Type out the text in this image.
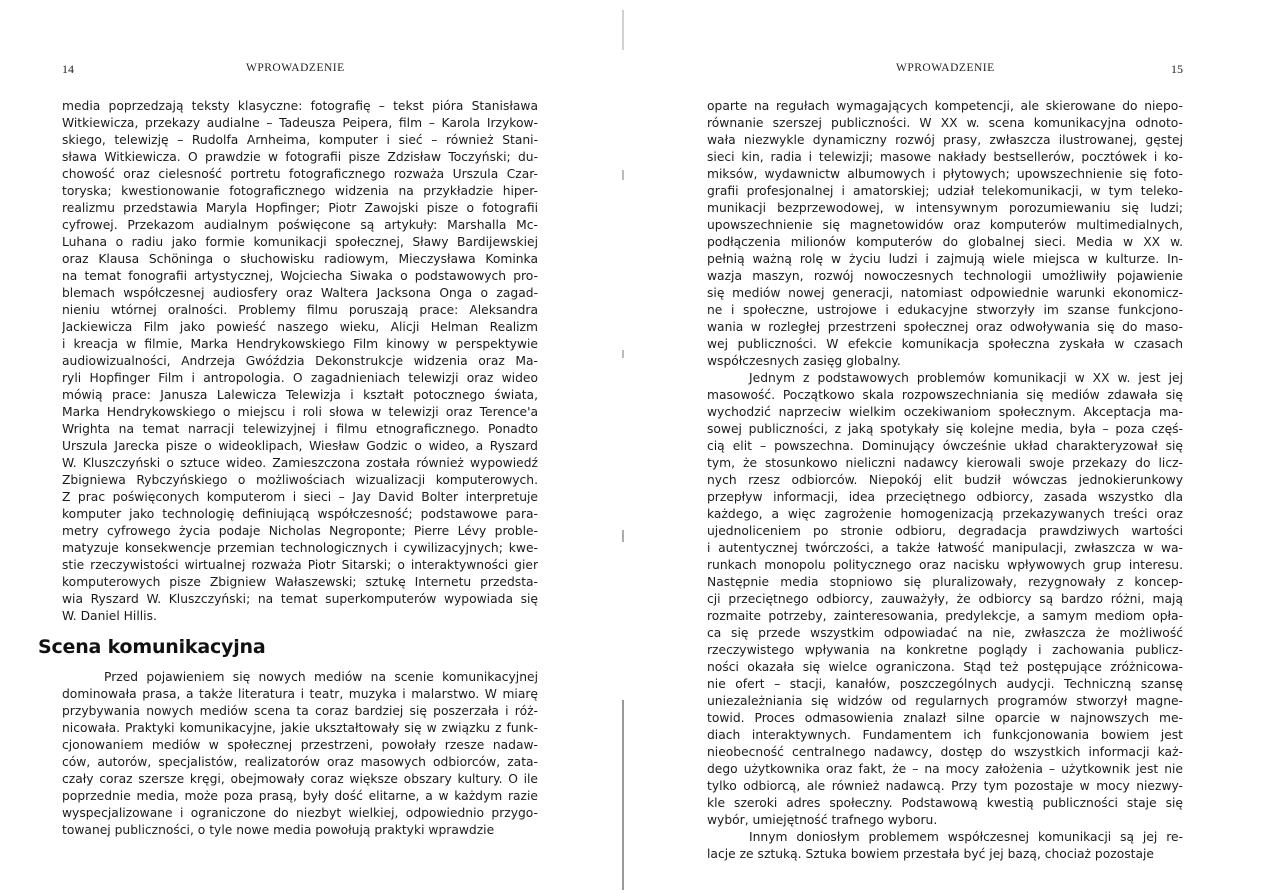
14	WPROWADZENIE
media poprzedzają teksty klasyczne: fotografię – tekst pióra Stanisława
Witkiewicza, przekazy audialne – Tadeusza Peipera, film – Karola Irzykow-
skiego, telewizję – Rudolfa Arnheima, komputer i sieć – również Stani-
sława Witkiewicza. O prawdzie w fotografii pisze Zdzisław Toczyński; du-
chowość oraz cielesność portretu fotograficznego rozważa Urszula Czar-
toryska; kwestionowanie fotograficznego widzenia na przykładzie hiper-
realizmu przedstawia Maryla Hopfinger; Piotr Zawojski pisze o fotografii
cyfrowej. Przekazom audialnym poświęcone są artykuły: Marshalla Mc-
Luhana o radiu jako formie komunikacji społecznej, Sławy Bardijewskiej
oraz Klausa Schöninga o słuchowisku radiowym, Mieczysława Kominka
na temat fonografii artystycznej, Wojciecha Siwaka o podstawowych pro-
blemach współczesnej audiosfery oraz Waltera Jacksona Onga o zagad-
nieniu wtórnej oralności. Problemy filmu poruszają prace: Aleksandra
Jackiewicza Film jako powieść naszego wieku, Alicji Helman Realizm
i kreacja w filmie, Marka Hendrykowskiego Film kinowy w perspektywie
audiowizualności, Andrzeja Gwóździa Dekonstrukcje widzenia oraz Ma-
ryli Hopfinger Film i antropologia. O zagadnieniach telewizji oraz wideo
mówią prace: Janusza Lalewicza Telewizja i kształt potocznego świata,
Marka Hendrykowskiego o miejscu i roli słowa w telewizji oraz Terence'a
Wrighta na temat narracji telewizyjnej i filmu etnograficznego. Ponadto
Urszula Jarecka pisze o wideoklipach, Wiesław Godzic o wideo, a Ryszard
W. Kluszczyński o sztuce wideo. Zamieszczona została również wypowiedź
Zbigniewa Rybczyńskiego o możliwościach wizualizacji komputerowych.
Z prac poświęconych komputerom i sieci – Jay David Bolter interpretuje
komputer jako technologię definiującą współczesność; podstawowe para-
metry cyfrowego życia podaje Nicholas Negroponte; Pierre Lévy proble-
matyzuje konsekwencje przemian technologicznych i cywilizacyjnych; kwe-
stie rzeczywistości wirtualnej rozważa Piotr Sitarski; o interaktywności gier
komputerowych pisze Zbigniew Wałaszewski; sztukę Internetu przedsta-
wia Ryszard W. Kluszczyński; na temat superkomputerów wypowiada się
W. Daniel Hillis.
Scena komunikacyjna
Przed pojawieniem się nowych mediów na scenie komunikacyjnej
dominowała prasa, a także literatura i teatr, muzyka i malarstwo. W miarę
przybywania nowych mediów scena ta coraz bardziej się poszerzała i róż-
nicowała. Praktyki komunikacyjne, jakie ukształtowały się w związku z funk-
cjonowaniem mediów w społecznej przestrzeni, powołały rzesze nadaw-
ców, autorów, specjalistów, realizatorów oraz masowych odbiorców, zata-
czały coraz szersze kręgi, obejmowały coraz większe obszary kultury. O ile
poprzednie media, może poza prasą, były dość elitarne, a w każdym razie
wyspecjalizowane i ograniczone do niezbyt wielkiej, odpowiednio przygo-
towanej publiczności, o tyle nowe media powołują praktyki wprawdzie
WPROWADZENIE	15
oparte na regułach wymagających kompetencji, ale skierowane do niepo-
równanie szerszej publiczności. W XX w. scena komunikacyjna odnoto-
wała niezwykle dynamiczny rozwój prasy, zwłaszcza ilustrowanej, gęstej
sieci kin, radia i telewizji; masowe nakłady bestsellerów, pocztówek i ko-
miksów, wydawnictw albumowych i płytowych; upowszechnienie się foto-
grafii profesjonalnej i amatorskiej; udział telekomunikacji, w tym teleko-
munikacji bezprzewodowej, w intensywnym porozumiewaniu się ludzi;
upowszechnienie się magnetowidów oraz komputerów multimedialnych,
podłączenia milionów komputerów do globalnej sieci. Media w XX w.
pełnią ważną rolę w życiu ludzi i zajmują wiele miejsca w kulturze. In-
wazja maszyn, rozwój nowoczesnych technologii umożliwiły pojawienie
się mediów nowej generacji, natomiast odpowiednie warunki ekonomicz-
ne i społeczne, ustrojowe i edukacyjne stworzyły im szanse funkcjono-
wania w rozległej przestrzeni społecznej oraz odwoływania się do maso-
wej publiczności. W efekcie komunikacja społeczna zyskała w czasach
współczesnych zasięg globalny.
Jednym z podstawowych problemów komunikacji w XX w. jest jej
masowość. Początkowo skala rozpowszechniania się mediów zdawała się
wychodzić naprzeciw wielkim oczekiwaniom społecznym. Akceptacja ma-
sowej publiczności, z jaką spotykały się kolejne media, była – poza częś-
cią elit – powszechna. Dominujący ówcześnie układ charakteryzował się
tym, że stosunkowo nieliczni nadawcy kierowali swoje przekazy do licz-
nych rzesz odbiorców. Niepokój elit budził wówczas jednokierunkowy
przepływ informacji, idea przeciętnego odbiorcy, zasada wszystko dla
każdego, a więc zagrożenie homogenizacją przekazywanych treści oraz
ujednoliceniem po stronie odbioru, degradacja prawdziwych wartości
i autentycznej twórczości, a także łatwość manipulacji, zwłaszcza w wa-
runkach monopolu politycznego oraz nacisku wpływowych grup interesu.
Następnie media stopniowo się pluralizowały, rezygnowały z koncep-
cji przeciętnego odbiorcy, zauważyły, że odbiorcy są bardzo różni, mają
rozmaite potrzeby, zainteresowania, predylekcje, a samym mediom opła-
ca się przede wszystkim odpowiadać na nie, zwłaszcza że możliwość
rzeczywistego wpływania na konkretne poglądy i zachowania publicz-
ności okazała się wielce ograniczona. Stąd też postępujące zróżnicowa-
nie ofert – stacji, kanałów, poszczególnych audycji. Techniczną szansę
uniezależniania się widzów od regularnych programów stworzył magne-
towid. Proces odmasowienia znalazł silne oparcie w najnowszych me-
diach interaktywnych. Fundamentem ich funkcjonowania bowiem jest
nieobecność centralnego nadawcy, dostęp do wszystkich informacji każ-
dego użytkownika oraz fakt, że – na mocy założenia – użytkownik jest nie
tylko odbiorcą, ale również nadawcą. Przy tym pozostaje w mocy niezwy-
kle szeroki adres społeczny. Podstawową kwestią publiczności staje się
wybór, umiejętność trafnego wyboru.
Innym doniosłym problemem współczesnej komunikacji są jej re-
lacje ze sztuką. Sztuka bowiem przestała być jej bazą, chociaż pozostaje
